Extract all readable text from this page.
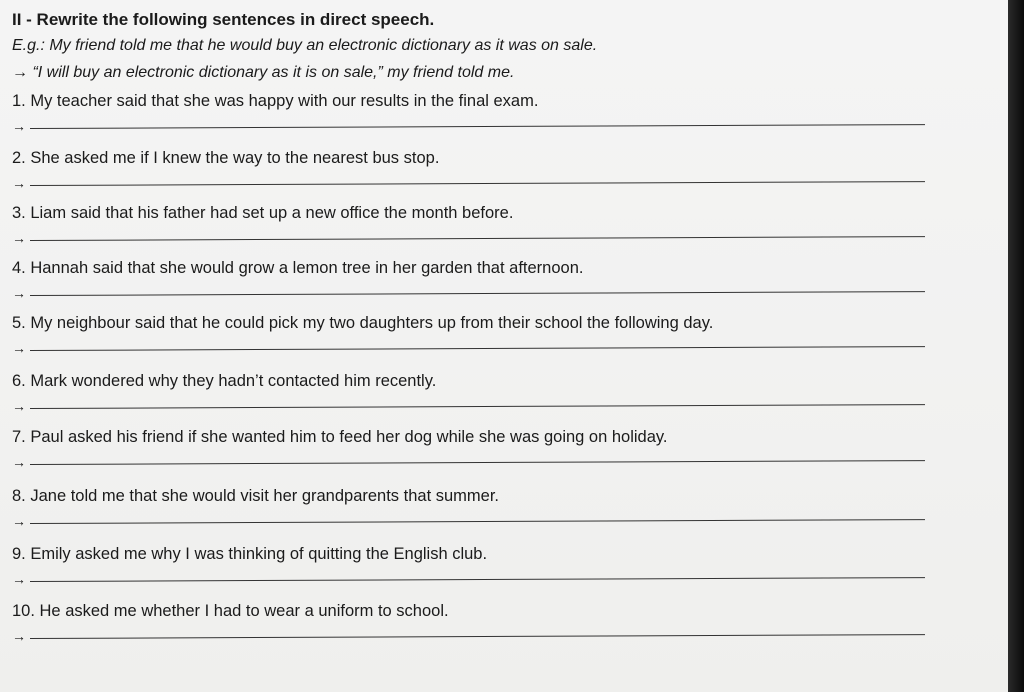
II - Rewrite the following sentences in direct speech.
E.g.: My friend told me that he would buy an electronic dictionary as it was on sale.
→ “I will buy an electronic dictionary as it is on sale,” my friend told me.
1. My teacher said that she was happy with our results in the final exam.
→
2. She asked me if I knew the way to the nearest bus stop.
→
3. Liam said that his father had set up a new office the month before.
→
4. Hannah said that she would grow a lemon tree in her garden that afternoon.
→
5. My neighbour said that he could pick my two daughters up from their school the following day.
→
6. Mark wondered why they hadn’t contacted him recently.
→
7. Paul asked his friend if she wanted him to feed her dog while she was going on holiday.
→
8. Jane told me that she would visit her grandparents that summer.
→
9. Emily asked me why I was thinking of quitting the English club.
→
10. He asked me whether I had to wear a uniform to school.
→
